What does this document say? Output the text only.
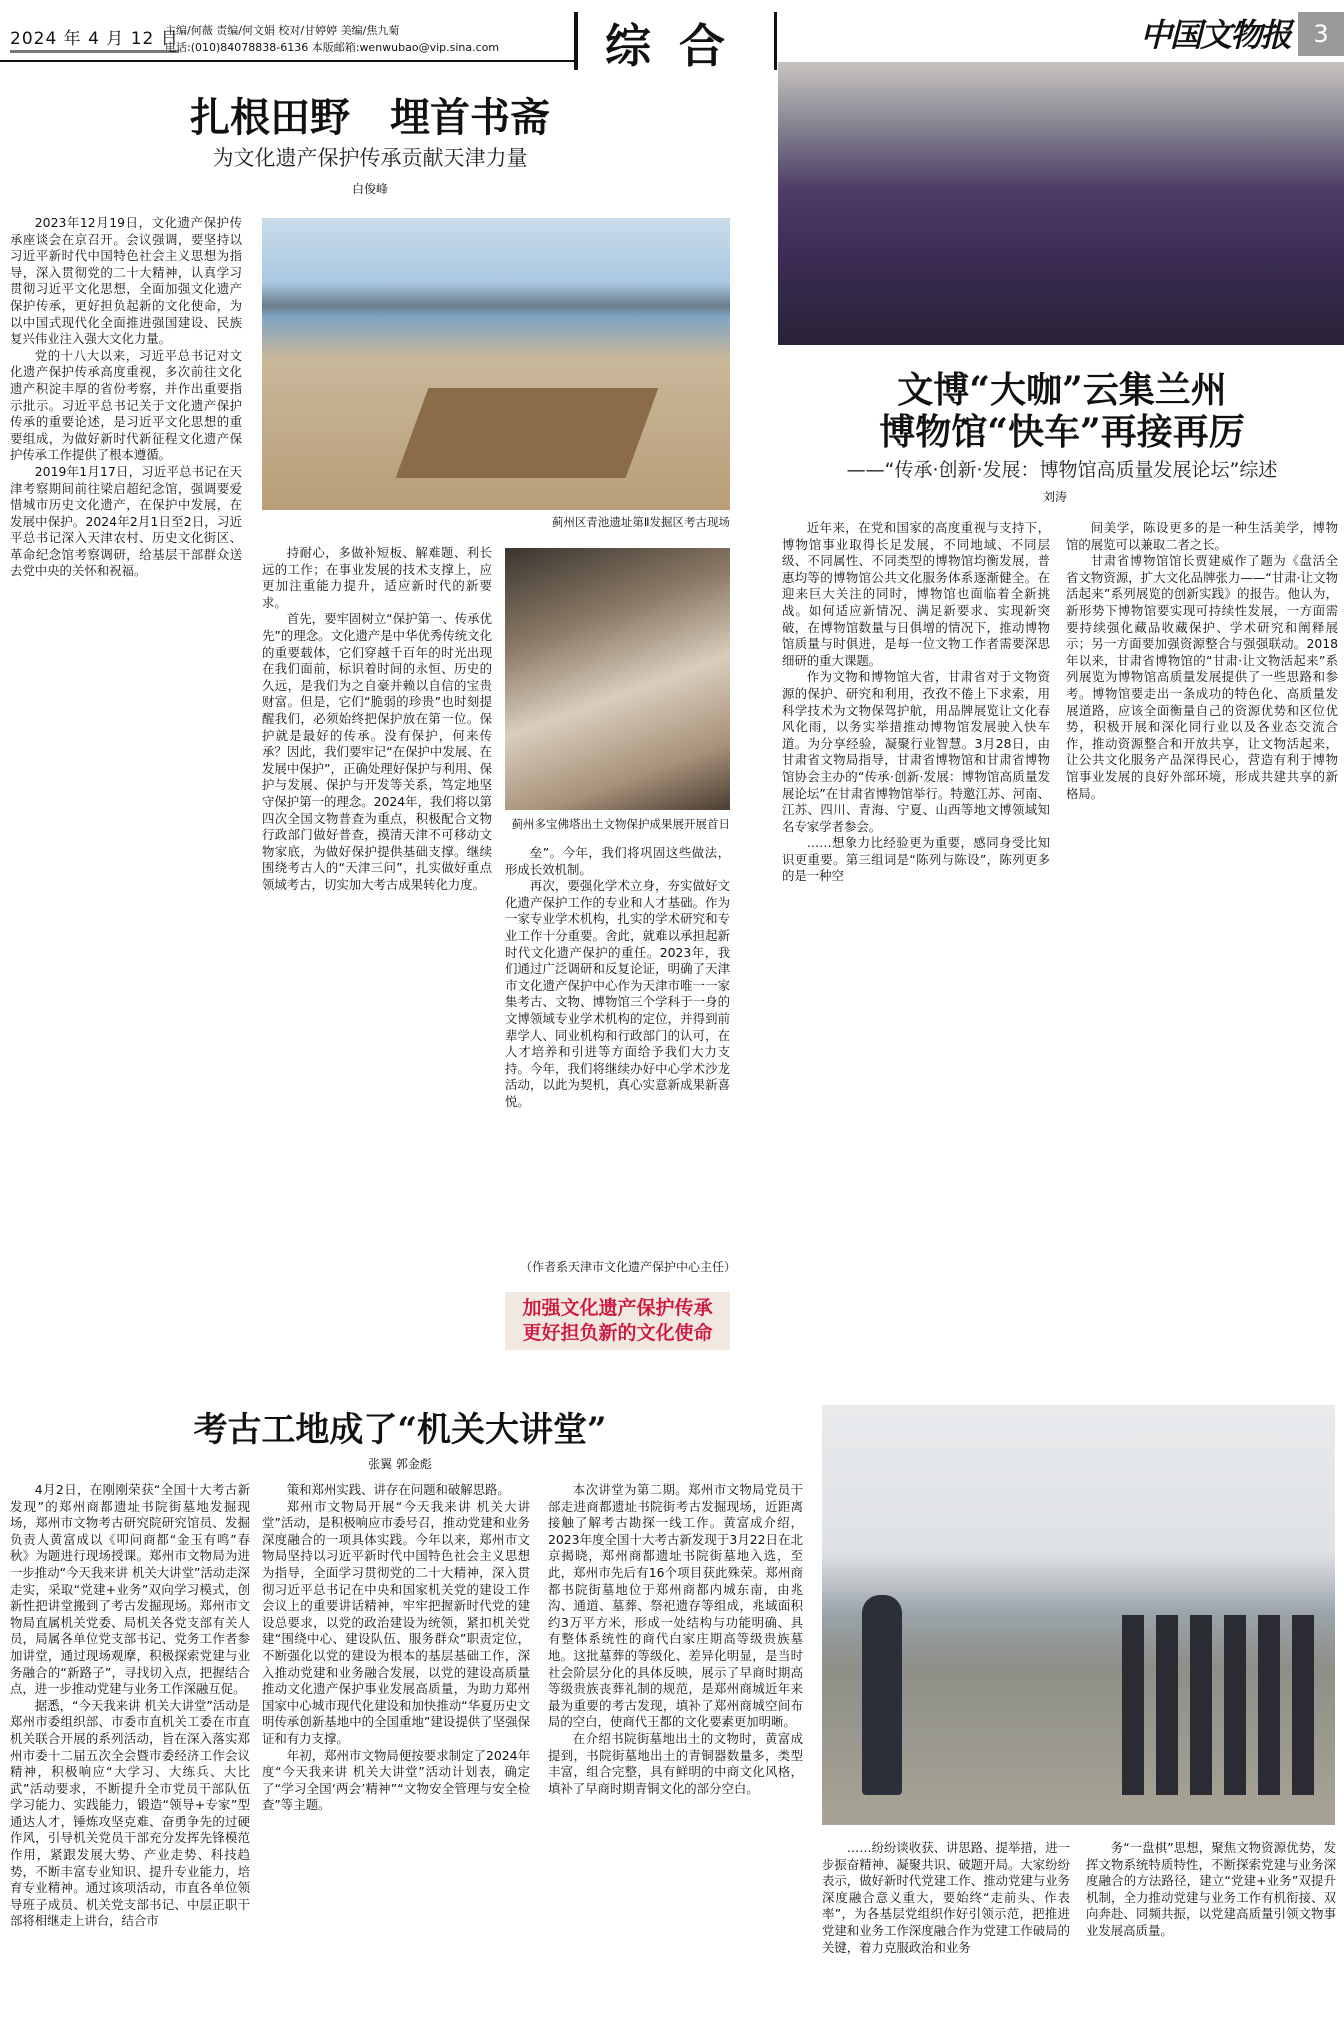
2024 年 4 月 12 日
主编/何薇 责编/何文娟 校对/甘婷婷 美编/焦九菊
电话:(010)84078838-6136 本版邮箱:wenwubao@vip.sina.com 综合	中国文物报 3
扎根田野　埋首书斋
为文化遗产保护传承贡献天津力量
白俊峰

2023年12月19日，文化遗产保护传承座谈会在京召开。会议强调，要坚持以习近平新时代中国特色社会主义思想为指导，深入贯彻党的二十大精神，认真学习贯彻习近平文化思想，全面加强文化遗产保护传承，更好担负起新的文化使命，为以中国式现代化全面推进强国建设、民族复兴伟业注入强大文化力量。

党的十八大以来，习近平总书记对文化遗产保护传承高度重视，多次前往文化遗产积淀丰厚的省份考察，并作出重要指示批示。习近平总书记关于文化遗产保护传承的重要论述，是习近平文化思想的重要组成，为做好新时代新征程文化遗产保护传承工作提供了根本遵循。

2019年1月17日，习近平总书记在天津考察期间前往梁启超纪念馆，强调要爱惜城市历史文化遗产，在保护中发展，在发展中保护。2024年2月1日至2日，习近平总书记深入天津农村、历史文化街区、革命纪念馆考察调研，给基层干部群众送去党中央的关怀和祝福。

蓟州区青池遗址第Ⅱ发掘区考古现场

持耐心，多做补短板、解难题、利长远的工作；在事业发展的技术支撑上，应更加注重能力提升，适应新时代的新要求。

首先，要牢固树立“保护第一、传承优先”的理念。文化遗产是中华优秀传统文化的重要载体，它们穿越千百年的时光出现在我们面前，标识着时间的永恒、历史的久远，是我们为之自豪并赖以自信的宝贵财富。但是，它们“脆弱的珍贵”也时刻提醒我们，必须始终把保护放在第一位。保护就是最好的传承。没有保护，何来传承？因此，我们要牢记“在保护中发展、在发展中保护”，正确处理好保护与利用、保护与发展、保护与开发等关系，笃定地坚守保护第一的理念。2024年，我们将以第四次全国文物普查为重点，积极配合文物行政部门做好普查，摸清天津不可移动文物家底，为做好保护提供基础支撑。继续围绕考古人的“天津三问”，扎实做好重点领域考古，切实加大考古成果转化力度。

蓟州多宝佛塔出土文物保护成果展开展首日

垒”。今年，我们将巩固这些做法，形成长效机制。

再次，要强化学术立身，夯实做好文化遗产保护工作的专业和人才基础。作为一家专业学术机构，扎实的学术研究和专业工作十分重要。舍此，就难以承担起新时代文化遗产保护的重任。2023年，我们通过广泛调研和反复论证，明确了天津市文化遗产保护中心作为天津市唯一一家集考古、文物、博物馆三个学科于一身的文博领域专业学术机构的定位，并得到前辈学人、同业机构和行政部门的认可，在人才培养和引进等方面给予我们大力支持。今年，我们将继续办好中心学术沙龙活动，以此为契机，真心实意新成果新喜悦。

（作者系天津市文化遗产保护中心主任）
加强文化遗产保护传承
更好担负新的文化使命
文博“大咖”云集兰州
博物馆“快车”再接再厉
——“传承·创新·发展：博物馆高质量发展论坛”综述
刘涛

近年来，在党和国家的高度重视与支持下，博物馆事业取得长足发展，不同地域、不同层级、不同属性、不同类型的博物馆均衡发展，普惠均等的博物馆公共文化服务体系逐渐健全。在迎来巨大关注的同时，博物馆也面临着全新挑战。如何适应新情况、满足新要求、实现新突破，在博物馆数量与日俱增的情况下，推动博物馆质量与时俱进，是每一位文物工作者需要深思细研的重大课题。

作为文物和博物馆大省，甘肃省对于文物资源的保护、研究和利用，孜孜不倦上下求索，用科学技术为文物保驾护航，用品牌展览让文化春风化雨，以务实举措推动博物馆发展驶入快车道。为分享经验，凝聚行业智慧。3月28日，由甘肃省文物局指导，甘肃省博物馆和甘肃省博物馆协会主办的“传承·创新·发展：博物馆高质量发展论坛”在甘肃省博物馆举行。特邀江苏、河南、江苏、四川、青海、宁夏、山西等地文博领域知名专家学者参会。

……想象力比经验更为重要，感同身受比知识更重要。第三组词是“陈列与陈设”，陈列更多的是一种空

间美学，陈设更多的是一种生活美学，博物馆的展览可以兼取二者之长。

甘肃省博物馆馆长贾建威作了题为《盘活全省文物资源，扩大文化品牌张力——“甘肃·让文物活起来”系列展览的创新实践》的报告。他认为，新形势下博物馆要实现可持续性发展，一方面需要持续强化藏品收藏保护、学术研究和阐释展示；另一方面要加强资源整合与强强联动。2018年以来，甘肃省博物馆的“甘肃·让文物活起来”系列展览为博物馆高质量发展提供了一些思路和参考。博物馆要走出一条成功的特色化、高质量发展道路，应该全面衡量自己的资源优势和区位优势，积极开展和深化同行业以及各业态交流合作，推动资源整合和开放共享，让文物活起来，让公共文化服务产品深得民心，营造有利于博物馆事业发展的良好外部环境，形成共建共享的新格局。

考古工地成了“机关大讲堂”
张翼 郭金彪

4月2日，在刚刚荣获“全国十大考古新发现”的郑州商都遗址书院街墓地发掘现场，郑州市文物考古研究院研究馆员、发掘负责人黄富成以《叩问商都“金玉有鸣”春秋》为题进行现场授课。郑州市文物局为进一步推动“今天我来讲 机关大讲堂”活动走深走实，采取“党建+业务”双向学习模式，创新性把讲堂搬到了考古发掘现场。郑州市文物局直属机关党委、局机关各党支部有关人员，局属各单位党支部书记、党务工作者参加讲堂，通过现场观摩，积极探索党建与业务融合的“新路子”，寻找切入点，把握结合点，进一步推动党建与业务工作深融互促。

据悉，“今天我来讲 机关大讲堂”活动是郑州市委组织部、市委市直机关工委在市直机关联合开展的系列活动，旨在深入落实郑州市委十二届五次全会暨市委经济工作会议精神，积极响应“大学习、大练兵、大比武”活动要求，不断提升全市党员干部队伍学习能力、实践能力，锻造“领导+专家”型通达人才，锤炼攻坚克难、奋勇争先的过硬作风，引导机关党员干部充分发挥先锋模范作用，紧跟发展大势、产业走势、科技趋势，不断丰富专业知识、提升专业能力，培育专业精神。通过该项活动，市直各单位领导班子成员、机关党支部书记、中层正职干部将相继走上讲台，结合市

策和郑州实践、讲存在问题和破解思路。

郑州市文物局开展“今天我来讲 机关大讲堂”活动，是积极响应市委号召，推动党建和业务深度融合的一项具体实践。今年以来，郑州市文物局坚持以习近平新时代中国特色社会主义思想为指导，全面学习贯彻党的二十大精神，深入贯彻习近平总书记在中央和国家机关党的建设工作会议上的重要讲话精神，牢牢把握新时代党的建设总要求，以党的政治建设为统领，紧扣机关党建“围绕中心、建设队伍、服务群众”职责定位，不断强化以党的建设为根本的基层基础工作，深入推动党建和业务融合发展，以党的建设高质量推动文化遗产保护事业发展高质量，为助力郑州国家中心城市现代化建设和加快推动“华夏历史文明传承创新基地中的全国重地”建设提供了坚强保证和有力支撑。

年初，郑州市文物局便按要求制定了2024年度“今天我来讲 机关大讲堂”活动计划表，确定了“学习全国‘两会’精神”“文物安全管理与安全检查”等主题。

本次讲堂为第二期。郑州市文物局党员干部走进商都遗址书院街考古发掘现场，近距离接触了解考古勘探一线工作。黄富成介绍，2023年度全国十大考古新发现于3月22日在北京揭晓，郑州商都遗址书院街墓地入选，至此，郑州市先后有16个项目获此殊荣。郑州商都书院街墓地位于郑州商都内城东南，由兆沟、通道、墓葬、祭祀遗存等组成，兆域面积约3万平方米，形成一处结构与功能明确、具有整体系统性的商代白家庄期高等级贵族墓地。这批墓葬的等级化、差异化明显，是当时社会阶层分化的具体反映，展示了早商时期高等级贵族丧葬礼制的规范，是郑州商城近年来最为重要的考古发现，填补了郑州商城空间布局的空白，使商代王都的文化要素更加明晰。

在介绍书院街墓地出土的文物时，黄富成提到，书院街墓地出土的青铜器数量多，类型丰富，组合完整，具有鲜明的中商文化风格，填补了早商时期青铜文化的部分空白。

……纷纷谈收获、讲思路、提举措，进一步振奋精神、凝聚共识、破题开局。大家纷纷表示，做好新时代党建工作、推动党建与业务深度融合意义重大，要始终“走前头、作表率”，为各基层党组织作好引领示范，把推进党建和业务工作深度融合作为党建工作破局的关键，着力克服政治和业务

务“一盘棋”思想，聚焦文物资源优势，发挥文物系统特质特性，不断探索党建与业务深度融合的方法路径，建立“党建+业务”双提升机制，全力推动党建与业务工作有机衔接、双向奔赴、同频共振，以党建高质量引领文物事业发展高质量。
